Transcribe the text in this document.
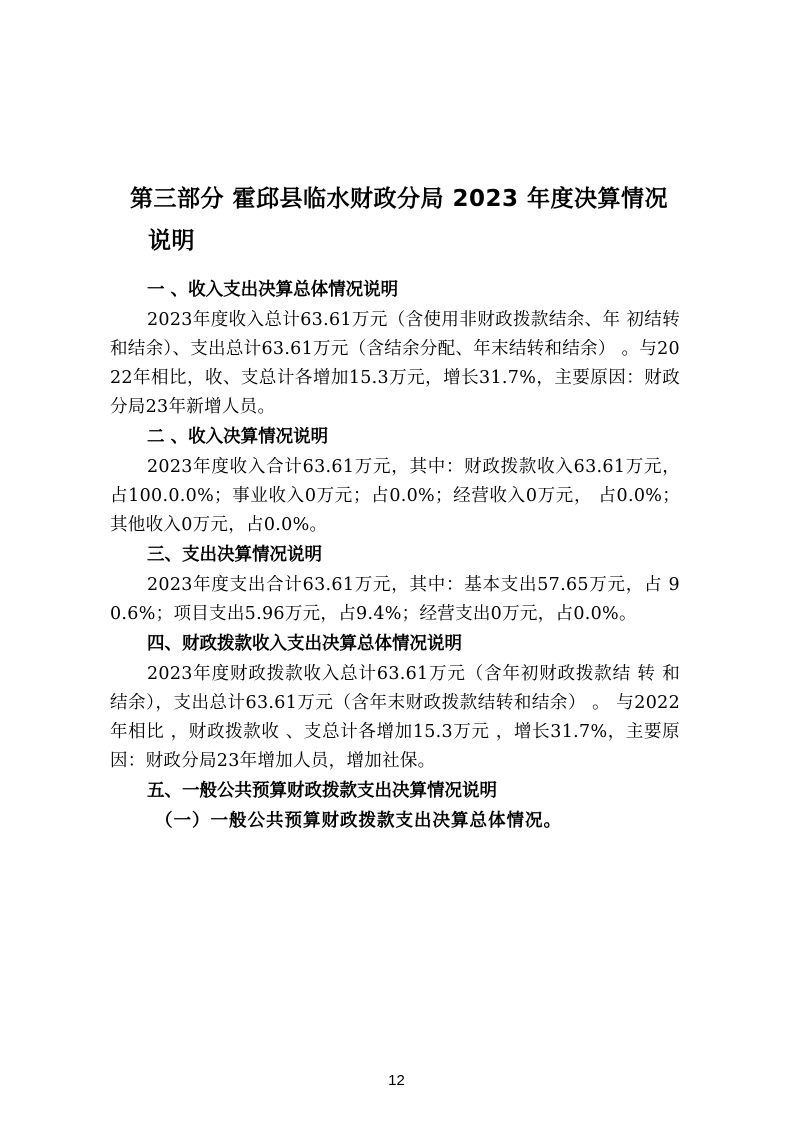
第三部分 霍邱县临水财政分局 2023 年度决算情况
说明
一 、收入支出决算总体情况说明
2023年度收入总计63.61万元（含使用非财政拨款结余、年 初结转和结余）、支出总计63.61万元（含结余分配、年末结转和结余） 。与2022年相比，收、支总计各增加15.3万元，增长31.7%，主要原因：财政分局23年新增人员。
二 、收入决算情况说明
2023年度收入合计63.61万元，其中：财政拨款收入63.61万元，占100.0.0%；事业收入0万元；占0.0%；经营收入0万元， 占0.0%；其他收入0万元，占0.0%。
三、支出决算情况说明
2023年度支出合计63.61万元，其中：基本支出57.65万元，占 90.6%；项目支出5.96万元，占9.4%；经营支出0万元，占0.0%。
四、财政拨款收入支出决算总体情况说明
2023年度财政拨款收入总计63.61万元（含年初财政拨款结 转 和结余），支出总计63.61万元（含年末财政拨款结转和结余） 。 与2022年相比 ，财政拨款收 、支总计各增加15.3万元 ，增长31.7%，主要原因：财政分局23年增加人员，增加社保。
五、一般公共预算财政拨款支出决算情况说明
（一）一般公共预算财政拨款支出决算总体情况。
12
